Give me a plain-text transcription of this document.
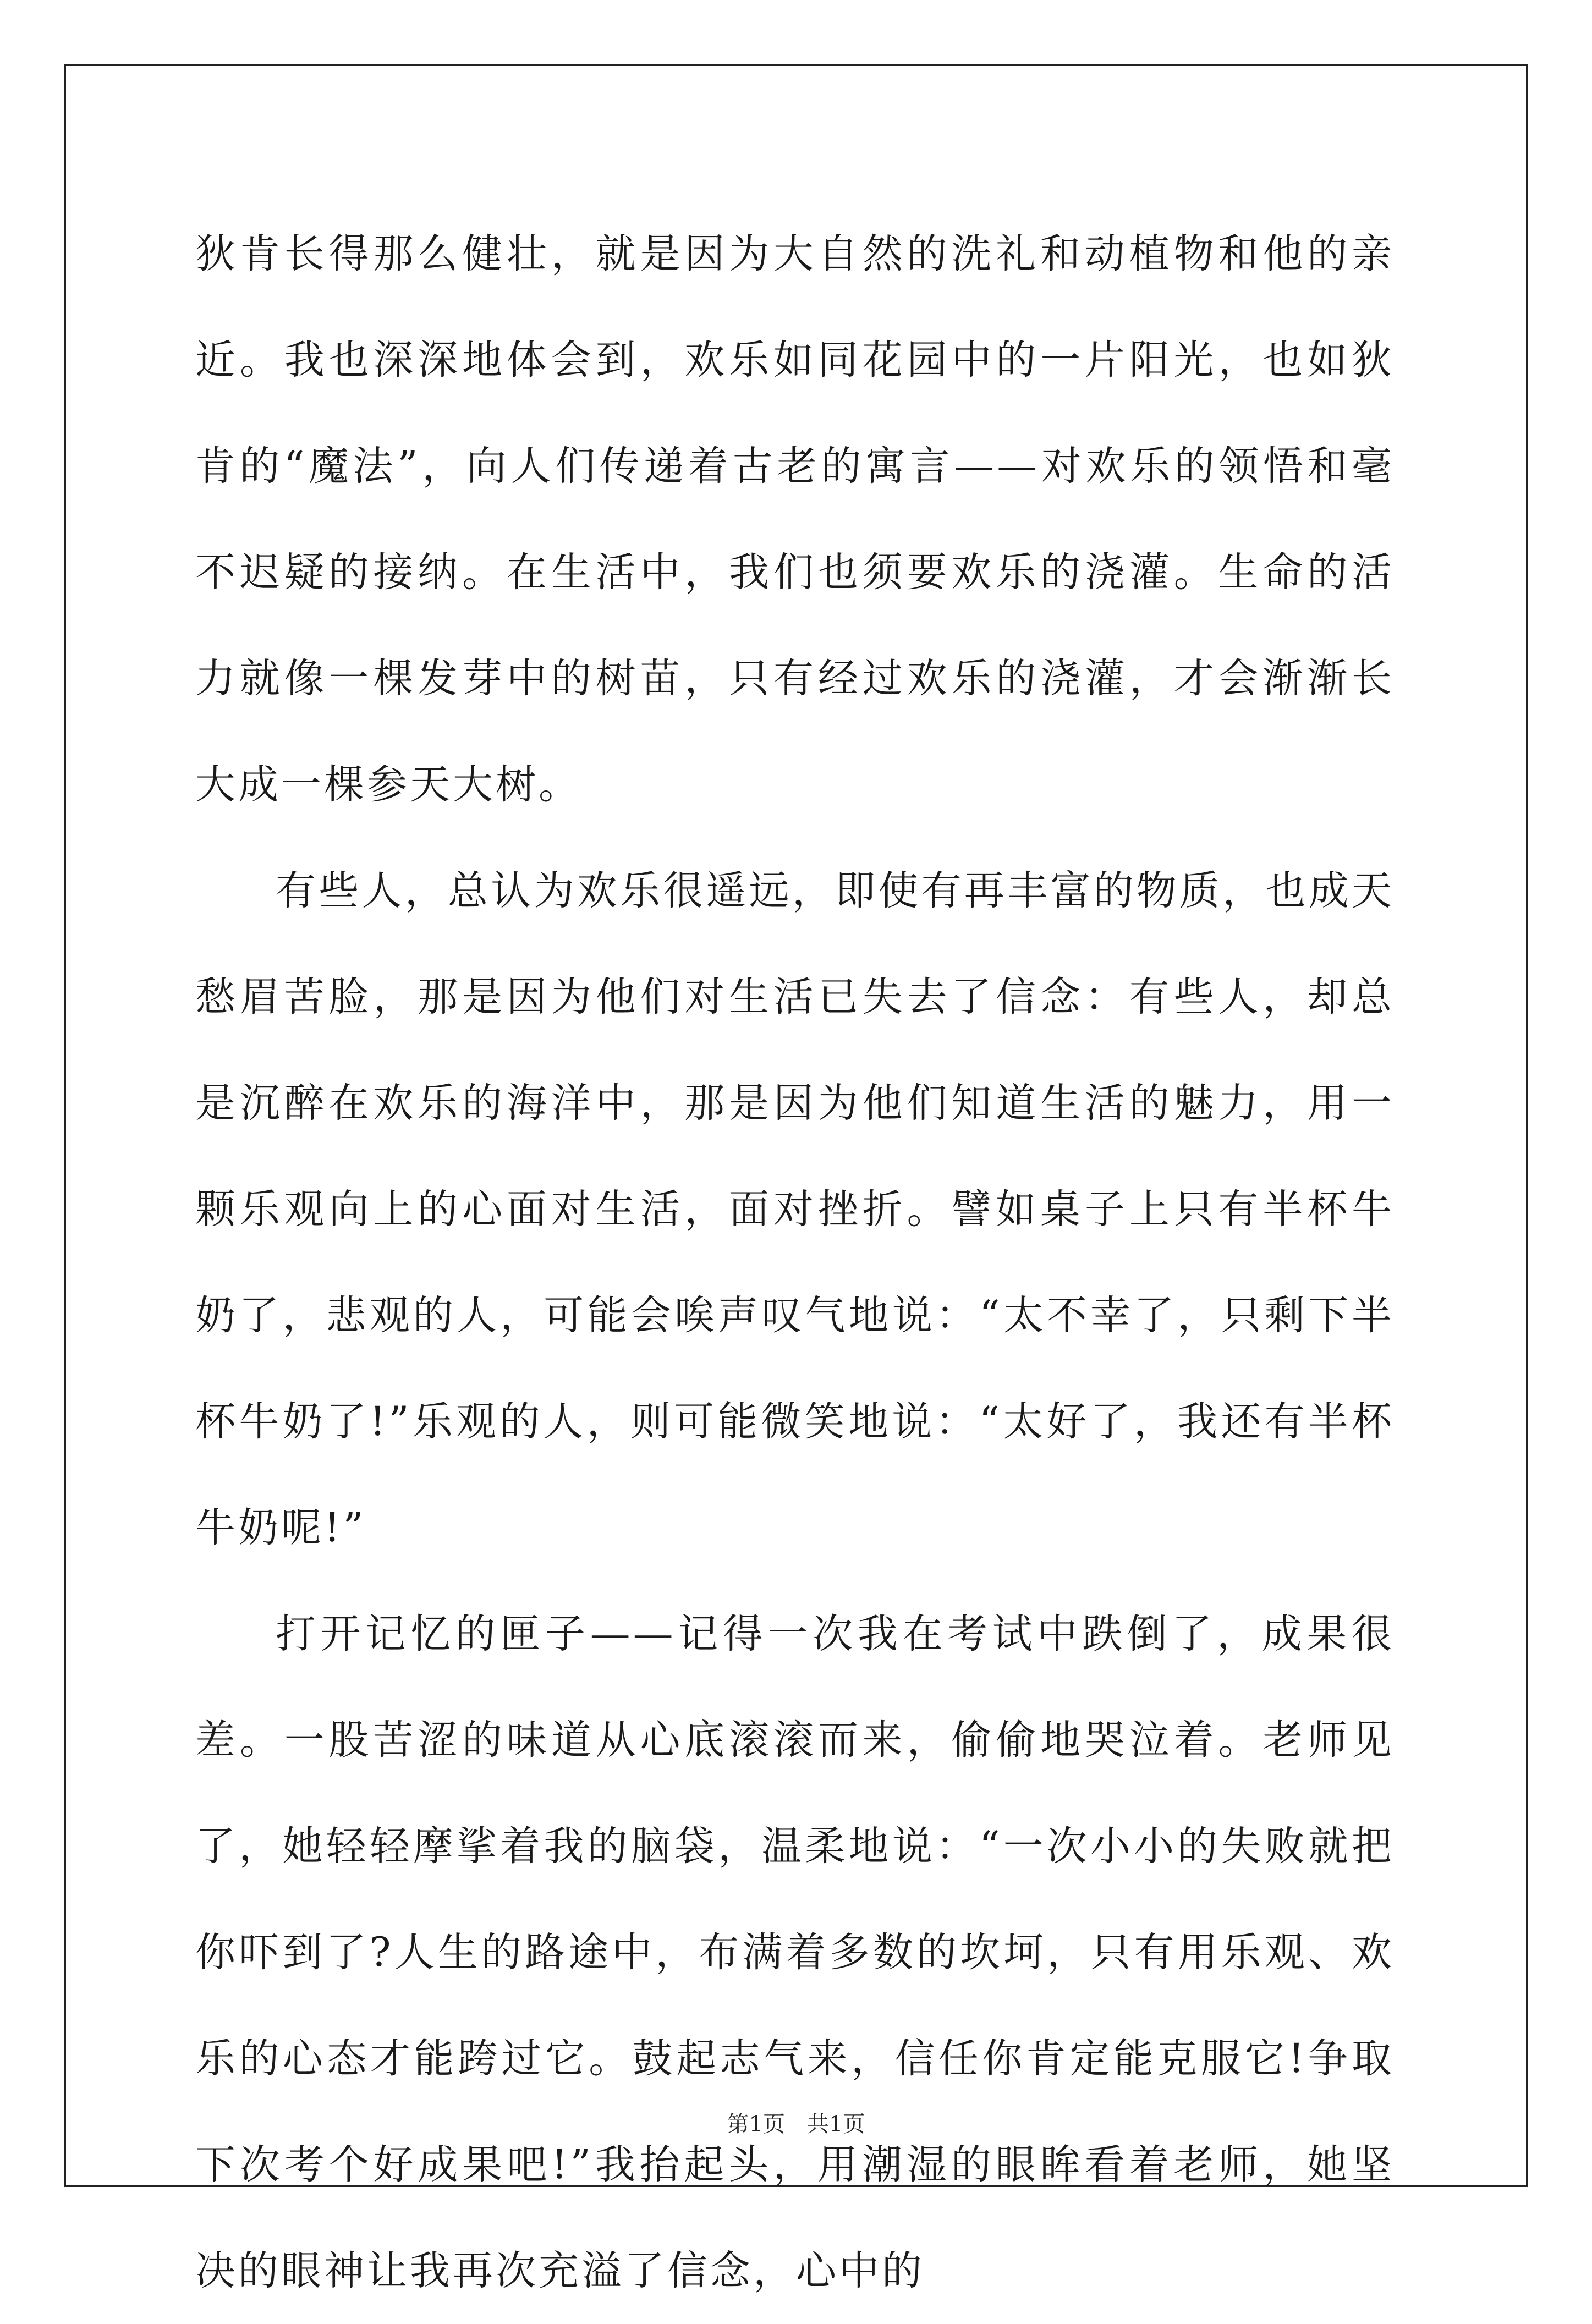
狄肯长得那么健壮，就是因为大自然的洗礼和动植物和他的亲近。我也深深地体会到，欢乐如同花园中的一片阳光，也如狄肯的“魔法”，向人们传递着古老的寓言——对欢乐的领悟和毫不迟疑的接纳。在生活中，我们也须要欢乐的浇灌。生命的活力就像一棵发芽中的树苗，只有经过欢乐的浇灌，才会渐渐长大成一棵参天大树。

有些人，总认为欢乐很遥远，即使有再丰富的物质，也成天愁眉苦脸，那是因为他们对生活已失去了信念：有些人，却总是沉醉在欢乐的海洋中，那是因为他们知道生活的魅力，用一颗乐观向上的心面对生活，面对挫折。譬如桌子上只有半杯牛奶了，悲观的人，可能会唉声叹气地说：“太不幸了，只剩下半杯牛奶了!”乐观的人，则可能微笑地说：“太好了，我还有半杯牛奶呢!”

打开记忆的匣子——记得一次我在考试中跌倒了，成果很差。一股苦涩的味道从心底滚滚而来，偷偷地哭泣着。老师见了，她轻轻摩挲着我的脑袋，温柔地说：“一次小小的失败就把你吓到了?人生的路途中，布满着多数的坎坷，只有用乐观、欢乐的心态才能跨过它。鼓起志气来，信任你肯定能克服它!争取下次考个好成果吧!”我抬起头，用潮湿的眼眸看着老师，她坚决的眼神让我再次充溢了信念，心中的

第1页　共1页
